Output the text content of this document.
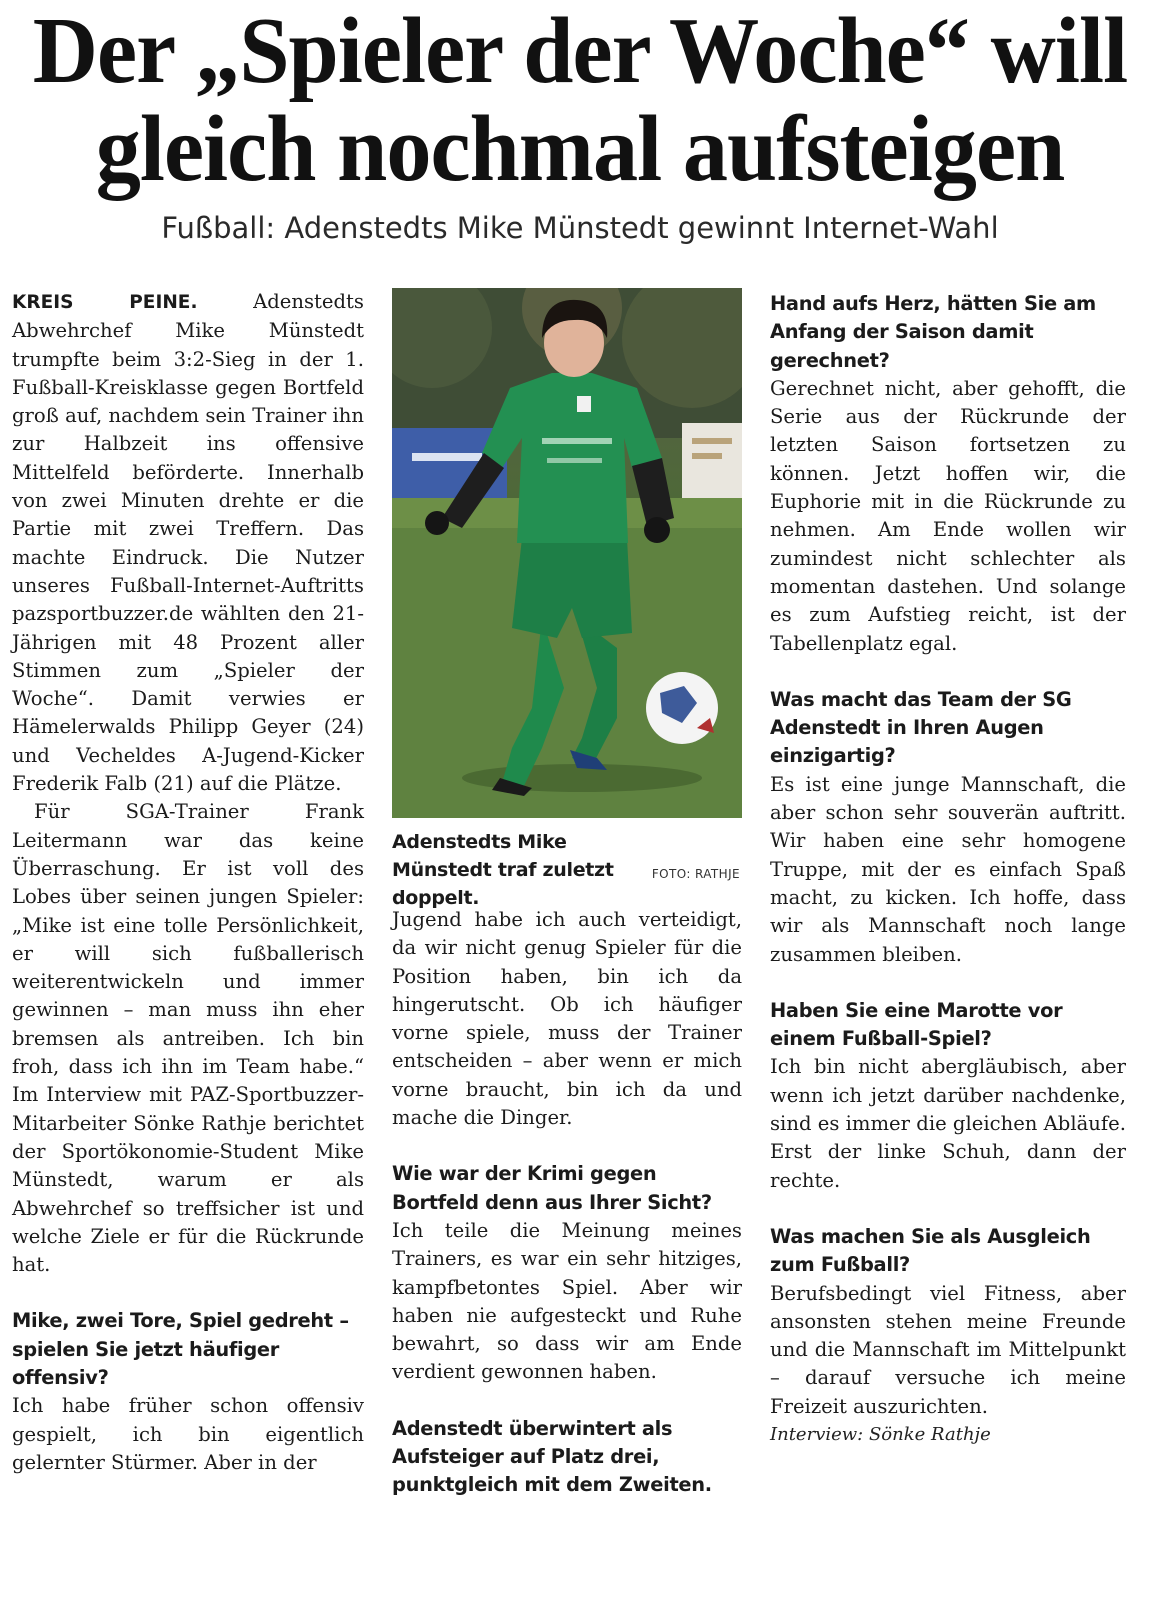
Der „Spieler der Woche“ will
gleich nochmal aufsteigen
Fußball: Adenstedts Mike Münstedt gewinnt Internet-Wahl

KREIS PEINE. Adenstedts Abwehrchef Mike Münstedt trumpfte beim 3:2-Sieg in der 1. Fußball-Kreisklasse gegen Bortfeld groß auf, nachdem sein Trainer ihn zur Halbzeit ins offensive Mittelfeld beförderte. Innerhalb von zwei Minuten drehte er die Partie mit zwei Treffern. Das machte Eindruck. Die Nutzer unseres Fußball-Internet-Auftritts pazsportbuzzer.de wählten den 21-Jährigen mit 48 Prozent aller Stimmen zum „Spieler der Woche“. Damit verwies er Hämelerwalds Philipp Geyer (24) und Vecheldes A-Jugend-Kicker Frederik Falb (21) auf die Plätze.

Für SGA-Trainer Frank Leitermann war das keine Überraschung. Er ist voll des Lobes über seinen jungen Spieler: „Mike ist eine tolle Persönlichkeit, er will sich fußballerisch weiterentwickeln und immer gewinnen – man muss ihn eher bremsen als antreiben. Ich bin froh, dass ich ihn im Team habe.“ Im Interview mit PAZ-Sportbuzzer-Mitarbeiter Sönke Rathje berichtet der Sportökonomie-Student Mike Münstedt, warum er als Abwehrchef so treffsicher ist und welche Ziele er für die Rückrunde hat.

Mike, zwei Tore, Spiel gedreht – spielen Sie jetzt häufiger offensiv?

Ich habe früher schon offensiv gespielt, ich bin eigentlich gelernter Stürmer. Aber in der

Adenstedts Mike Münstedt traf zuletzt doppelt.
FOTO: RATHJE

Jugend habe ich auch verteidigt, da wir nicht genug Spieler für die Position haben, bin ich da hingerutscht. Ob ich häufiger vorne spiele, muss der Trainer entscheiden – aber wenn er mich vorne braucht, bin ich da und mache die Dinger.

Wie war der Krimi gegen Bortfeld denn aus Ihrer Sicht?

Ich teile die Meinung meines Trainers, es war ein sehr hitziges, kampfbetontes Spiel. Aber wir haben nie aufgesteckt und Ruhe bewahrt, so dass wir am Ende verdient gewonnen haben.

Adenstedt überwintert als Aufsteiger auf Platz drei, punktgleich mit dem Zweiten.

Hand aufs Herz, hätten Sie am Anfang der Saison damit gerechnet?

Gerechnet nicht, aber gehofft, die Serie aus der Rückrunde der letzten Saison fortsetzen zu können. Jetzt hoffen wir, die Euphorie mit in die Rückrunde zu nehmen. Am Ende wollen wir zumindest nicht schlechter als momentan dastehen. Und solange es zum Aufstieg reicht, ist der Tabellenplatz egal.

Was macht das Team der SG Adenstedt in Ihren Augen einzigartig?

Es ist eine junge Mannschaft, die aber schon sehr souverän auftritt. Wir haben eine sehr homogene Truppe, mit der es einfach Spaß macht, zu kicken. Ich hoffe, dass wir als Mannschaft noch lange zusammen bleiben.

Haben Sie eine Marotte vor einem Fußball-Spiel?

Ich bin nicht abergläubisch, aber wenn ich jetzt darüber nachdenke, sind es immer die gleichen Abläufe. Erst der linke Schuh, dann der rechte.

Was machen Sie als Ausgleich zum Fußball?

Berufsbedingt viel Fitness, aber ansonsten stehen meine Freunde und die Mannschaft im Mittelpunkt – darauf versuche ich meine Freizeit auszurichten.

Interview: Sönke Rathje
